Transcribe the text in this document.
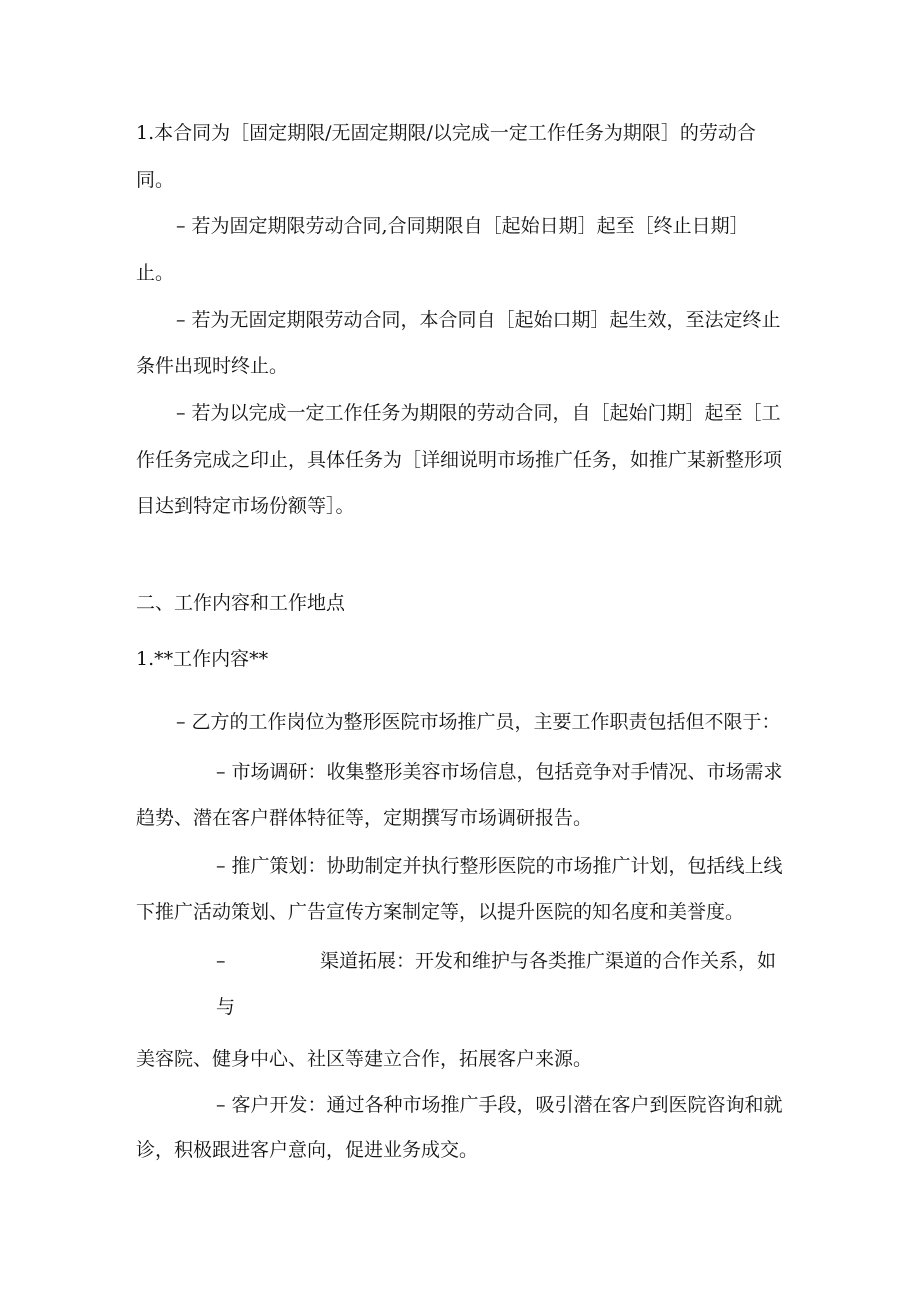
1.本合同为［固定期限/无固定期限/以完成一定工作任务为期限］的劳动合
同。
– 若为固定期限劳动合同,合同期限自［起始日期］起至［终止日期］
止。
– 若为无固定期限劳动合同，本合同自［起始口期］起生效，至法定终止
条件出现时终止。
– 若为以完成一定工作任务为期限的劳动合同，自［起始门期］起至［工
作任务完成之印止，具体任务为［详细说明市场推广任务，如推广某新整形项
目达到特定市场份额等］。
二、工作内容和工作地点
1.**工作内容**
– 乙方的工作岗位为整形医院市场推广员，主要工作职责包括但不限于：
– 市场调研：收集整形美容市场信息，包括竞争对手情况、市场需求
趋势、潜在客户群体特征等，定期撰写市场调研报告。
– 推广策划：协助制定并执行整形医院的市场推广计划，包括线上线
下推广活动策划、广告宣传方案制定等，以提升医院的知名度和美誉度。
–	渠道拓展：开发和维护与各类推广渠道的合作关系，如
与
美容院、健身中心、社区等建立合作，拓展客户来源。
– 客户开发：通过各种市场推广手段，吸引潜在客户到医院咨询和就
诊，积极跟进客户意向，促进业务成交。
